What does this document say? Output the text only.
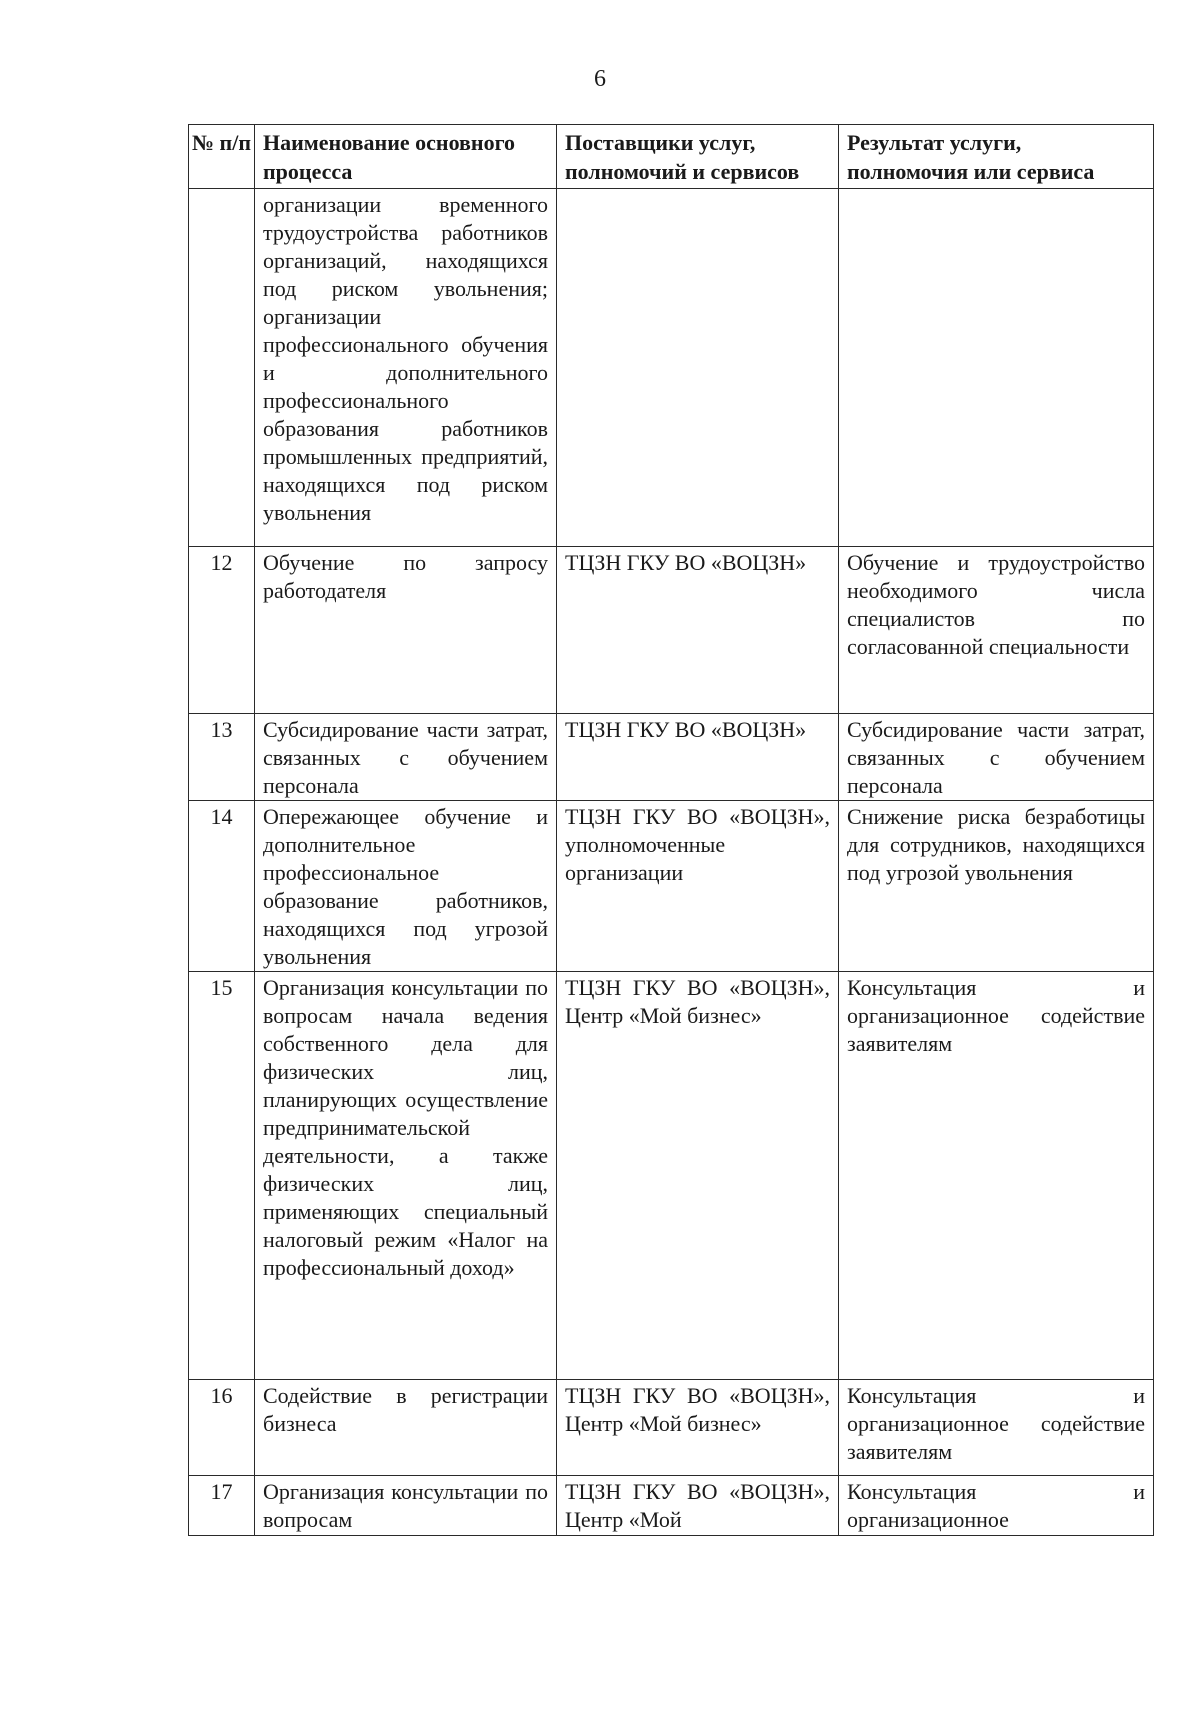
6
№ п/п	Наименование основного процесса	Поставщики услуг, полномочий и сервисов	Результат услуги, полномочия или сервиса
	организации временного трудоустройства работников организаций, находящихся под риском увольнения; организации профессионального обучения и дополнительного профессионального образования работников промышленных предприятий, находящихся под риском увольнения		
12	Обучение по запросу работодателя	ТЦЗН ГКУ ВО «ВОЦЗН»	Обучение и трудоустройство необходимого числа специалистов по согласованной специальности
13	Субсидирование части затрат, связанных с обучением персонала	ТЦЗН ГКУ ВО «ВОЦЗН»	Субсидирование части затрат, связанных с обучением персонала
14	Опережающее обучение и дополнительное профессиональное образование работников, находящихся под угрозой увольнения	ТЦЗН ГКУ ВО «ВОЦЗН», уполномоченные организации	Снижение риска безработицы для сотрудников, находящихся под угрозой увольнения
15	Организация консультации по вопросам начала ведения собственного дела для физических лиц, планирующих осуществление предпринимательской деятельности, а также физических лиц, применяющих специальный налоговый режим «Налог на профессиональный доход»	ТЦЗН ГКУ ВО «ВОЦЗН», Центр «Мой бизнес»	Консультация и организационное содействие заявителям
16	Содействие в регистрации бизнеса	ТЦЗН ГКУ ВО «ВОЦЗН», Центр «Мой бизнес»	Консультация и организационное содействие заявителям
17	Организация консультации по вопросам	ТЦЗН ГКУ ВО «ВОЦЗН», Центр «Мой	Консультация и организационное
